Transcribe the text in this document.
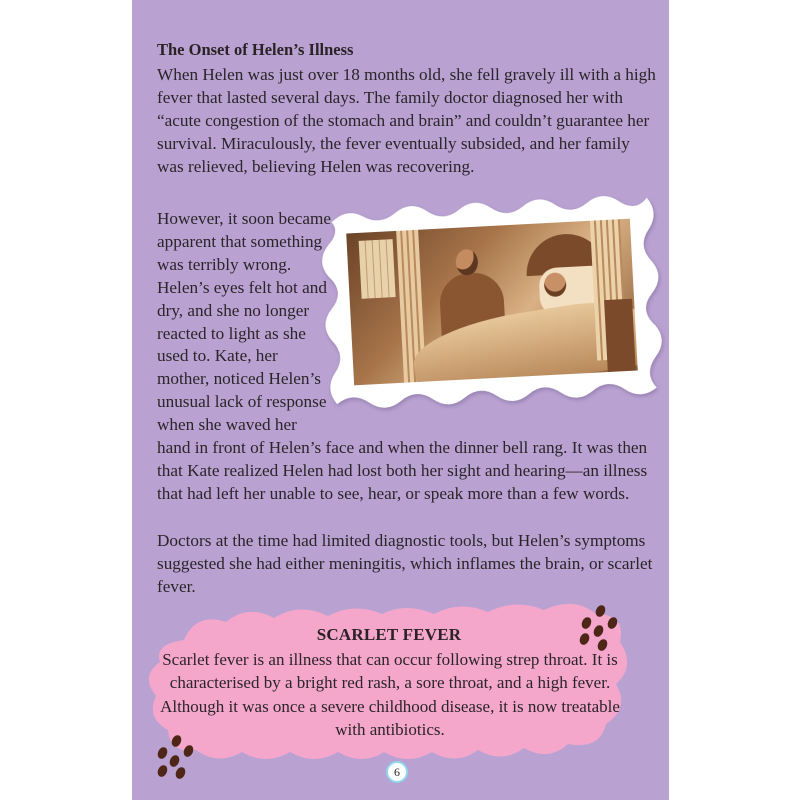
The Onset of Helen’s Illness

When Helen was just over 18 months old, she fell gravely ill with a high fever that lasted several days. The family doctor diagnosed her with “acute congestion of the stomach and brain” and couldn’t guarantee her survival. Miraculously, the fever eventually subsided, and her family was relieved, believing Helen was recovering.

However, it soon became apparent that something was terribly wrong. Helen’s eyes felt hot and dry, and she no longer reacted to light as she used to. Kate, her mother, noticed Helen’s unusual lack of response when she waved her hand in front of Helen’s face and when the dinner bell rang. It was then that Kate realized Helen had lost both her sight and hearing—an illness that had left her unable to see, hear, or speak more than a few words.

Doctors at the time had limited diagnostic tools, but Helen’s symptoms suggested she had either meningitis, which inflames the brain, or scarlet fever.

SCARLET FEVER

Scarlet fever is an illness that can occur following strep throat. It is characterised by a bright red rash, a sore throat, and a high fever. Although it was once a severe childhood disease, it is now treatable with antibiotics.

6
